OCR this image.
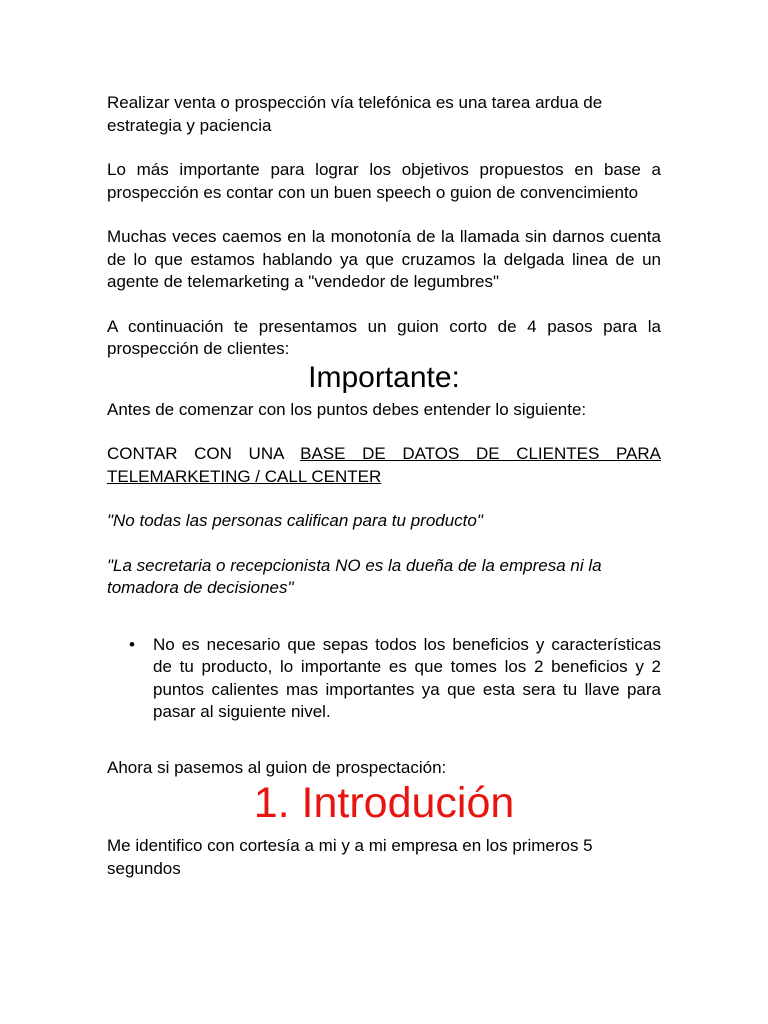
Realizar venta o prospección vía telefónica es una tarea ardua de estrategia y paciencia

Lo más importante para lograr los objetivos propuestos en base a prospección es contar con un buen speech o guion de convencimiento

Muchas veces caemos en la monotonía de la llamada sin darnos cuenta de lo que estamos hablando ya que cruzamos la delgada linea de un agente de telemarketing a "vendedor de legumbres"

A continuación te presentamos un guion corto de 4 pasos para la prospección de clientes:

Importante:

Antes de comenzar con los puntos debes entender lo siguiente:

CONTAR CON UNA BASE DE DATOS DE CLIENTES PARA TELEMARKETING / CALL CENTER

"No todas las personas califican para tu producto"

"La secretaria o recepcionista NO es la dueña de la empresa ni la tomadora de decisiones"

• No es necesario que sepas todos los beneficios y características de tu producto, lo importante es que tomes los 2 beneficios y 2 puntos calientes mas importantes ya que esta sera tu llave para pasar al siguiente nivel.

Ahora si pasemos al guion de prospectación:

1. Introdución

Me identifico con cortesía a mi y a mi empresa en los primeros 5 segundos
